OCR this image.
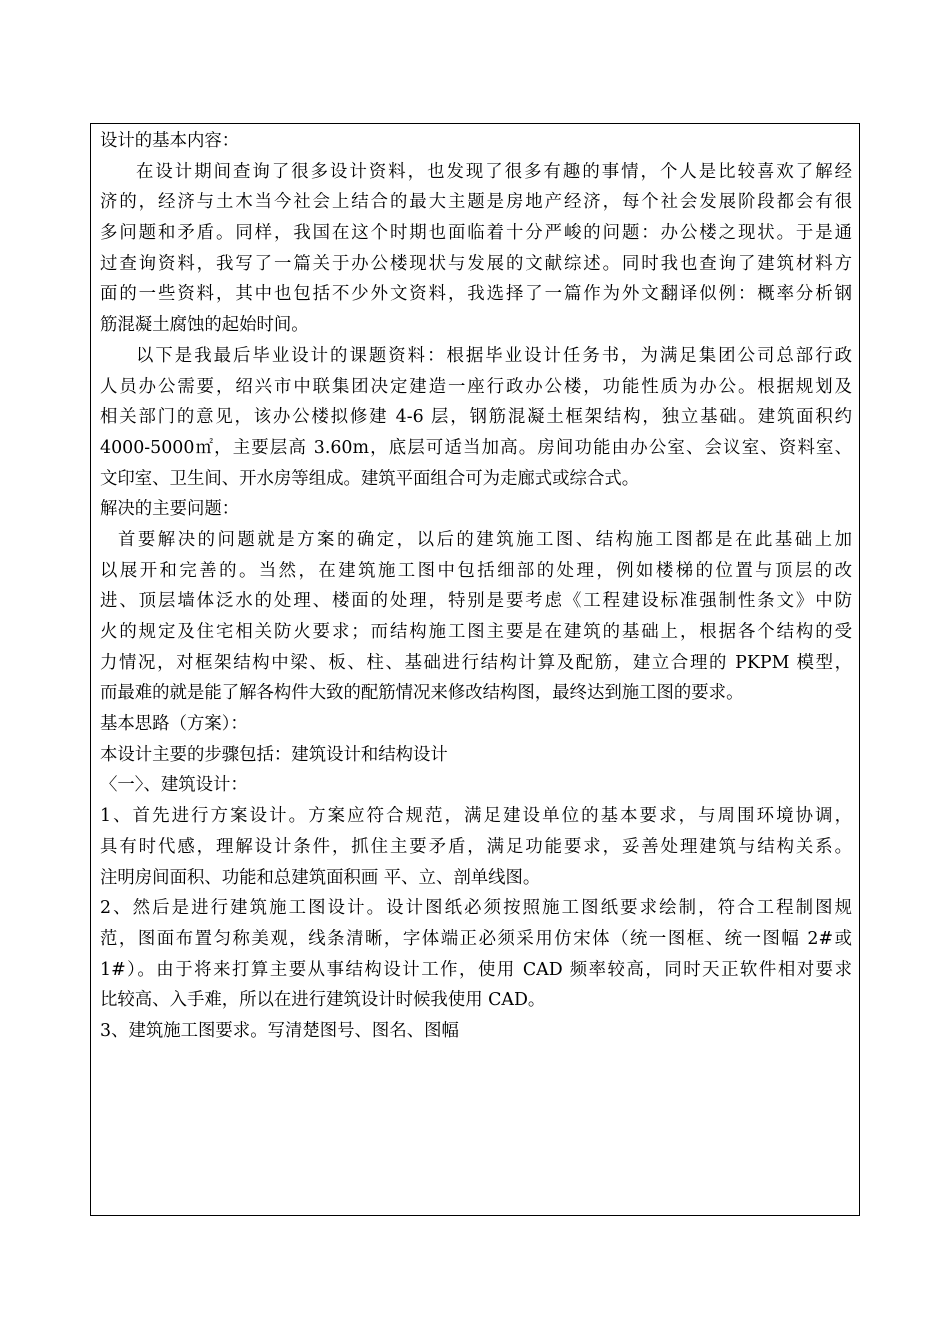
设计的基本内容：
在设计期间查询了很多设计资料，也发现了很多有趣的事情，个人是比较喜欢了解经
济的，经济与土木当今社会上结合的最大主题是房地产经济，每个社会发展阶段都会有很
多问题和矛盾。同样，我国在这个时期也面临着十分严峻的问题：办公楼之现状。于是通
过查询资料，我写了一篇关于办公楼现状与发展的文献综述。同时我也查询了建筑材料方
面的一些资料，其中也包括不少外文资料，我选择了一篇作为外文翻译似例：概率分析钢
筋混凝土腐蚀的起始时间。
以下是我最后毕业设计的课题资料：根据毕业设计任务书，为满足集团公司总部行政
人员办公需要，绍兴市中联集团决定建造一座行政办公楼，功能性质为办公。根据规划及
相关部门的意见，该办公楼拟修建 4-6 层，钢筋混凝土框架结构，独立基础。建筑面积约
4000-5000㎡，主要层高 3.60m，底层可适当加高。房间功能由办公室、会议室、资料室、
文印室、卫生间、开水房等组成。建筑平面组合可为走廊式或综合式。
解决的主要问题：
首要解决的问题就是方案的确定，以后的建筑施工图、结构施工图都是在此基础上加
以展开和完善的。当然，在建筑施工图中包括细部的处理，例如楼梯的位置与顶层的改
进、顶层墙体泛水的处理、楼面的处理，特别是要考虑《工程建设标准强制性条文》中防
火的规定及住宅相关防火要求；而结构施工图主要是在建筑的基础上，根据各个结构的受
力情况，对框架结构中梁、板、柱、基础进行结构计算及配筋，建立合理的 PKPM 模型，
而最难的就是能了解各构件大致的配筋情况来修改结构图，最终达到施工图的要求。
基本思路（方案）：
本设计主要的步骤包括：建筑设计和结构设计
〈一〉、建筑设计：
1、首先进行方案设计。方案应符合规范，满足建设单位的基本要求，与周围环境协调，
具有时代感，理解设计条件，抓住主要矛盾，满足功能要求，妥善处理建筑与结构关系。
注明房间面积、功能和总建筑面积画 平、立、剖单线图。
2、然后是进行建筑施工图设计。设计图纸必须按照施工图纸要求绘制，符合工程制图规
范，图面布置匀称美观，线条清晰，字体端正必须采用仿宋体（统一图框、统一图幅 2#或
1#）。由于将来打算主要从事结构设计工作，使用 CAD 频率较高，同时天正软件相对要求
比较高、入手难，所以在进行建筑设计时候我使用 CAD。
3、建筑施工图要求。写清楚图号、图名、图幅
